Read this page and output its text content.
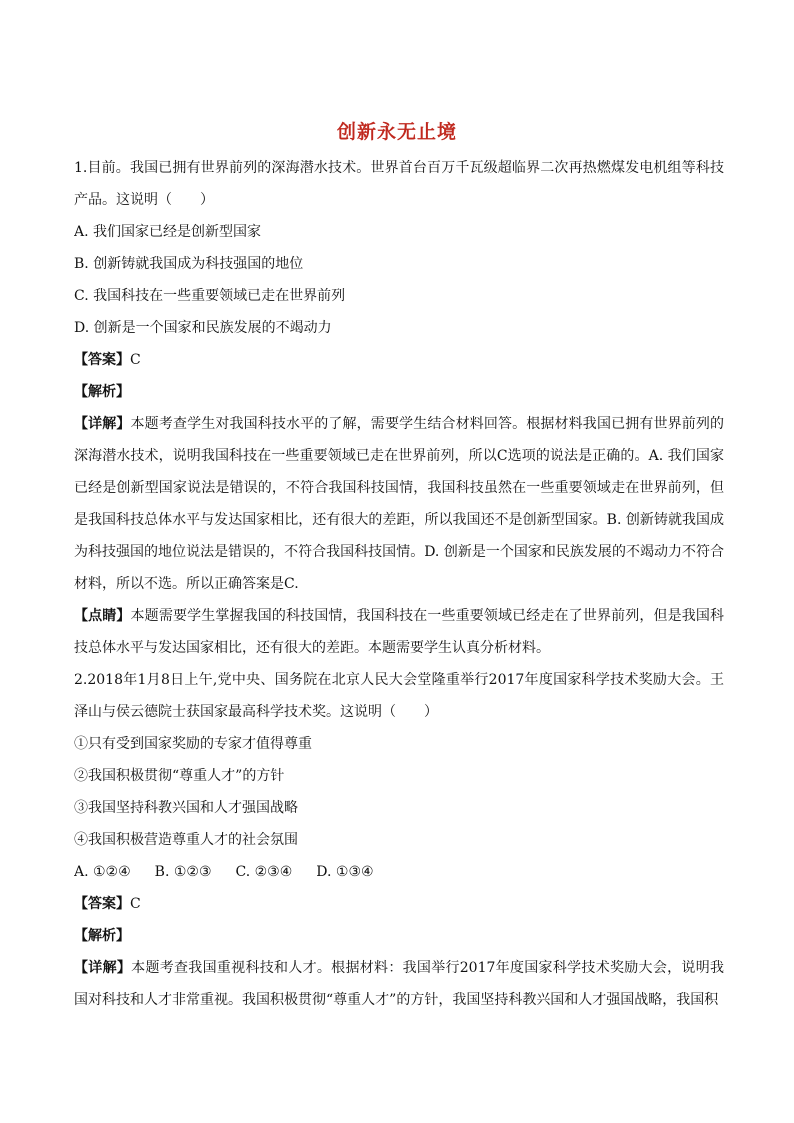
创新永无止境
1.目前。我国已拥有世界前列的深海潜水技术。世界首台百万千瓦级超临界二次再热燃煤发电机组等科技产品。这说明（　　）
A. 我们国家已经是创新型国家
B. 创新铸就我国成为科技强国的地位
C. 我国科技在一些重要领域已走在世界前列
D. 创新是一个国家和民族发展的不竭动力
【答案】C
【解析】
【详解】本题考查学生对我国科技水平的了解，需要学生结合材料回答。根据材料我国已拥有世界前列的深海潜水技术，说明我国科技在一些重要领域已走在世界前列，所以C选项的说法是正确的。A. 我们国家已经是创新型国家说法是错误的，不符合我国科技国情，我国科技虽然在一些重要领域走在世界前列，但是我国科技总体水平与发达国家相比，还有很大的差距，所以我国还不是创新型国家。B. 创新铸就我国成为科技强国的地位说法是错误的，不符合我国科技国情。D. 创新是一个国家和民族发展的不竭动力不符合材料，所以不选。所以正确答案是C.
【点睛】本题需要学生掌握我国的科技国情，我国科技在一些重要领域已经走在了世界前列，但是我国科技总体水平与发达国家相比，还有很大的差距。本题需要学生认真分析材料。
2.2018年1月8日上午,党中央、国务院在北京人民大会堂隆重举行2017年度国家科学技术奖励大会。王泽山与侯云德院士获国家最高科学技术奖。这说明（　　）
①只有受到国家奖励的专家才值得尊重
②我国积极贯彻“尊重人才”的方针
③我国坚持科教兴国和人才强国战略
④我国积极营造尊重人才的社会氛围
A. ①②④ B. ①②③ C. ②③④ D. ①③④
【答案】C
【解析】
【详解】本题考查我国重视科技和人才。根据材料：我国举行2017年度国家科学技术奖励大会，说明我国对科技和人才非常重视。我国积极贯彻“尊重人才”的方针，我国坚持科教兴国和人才强国战略，我国积
